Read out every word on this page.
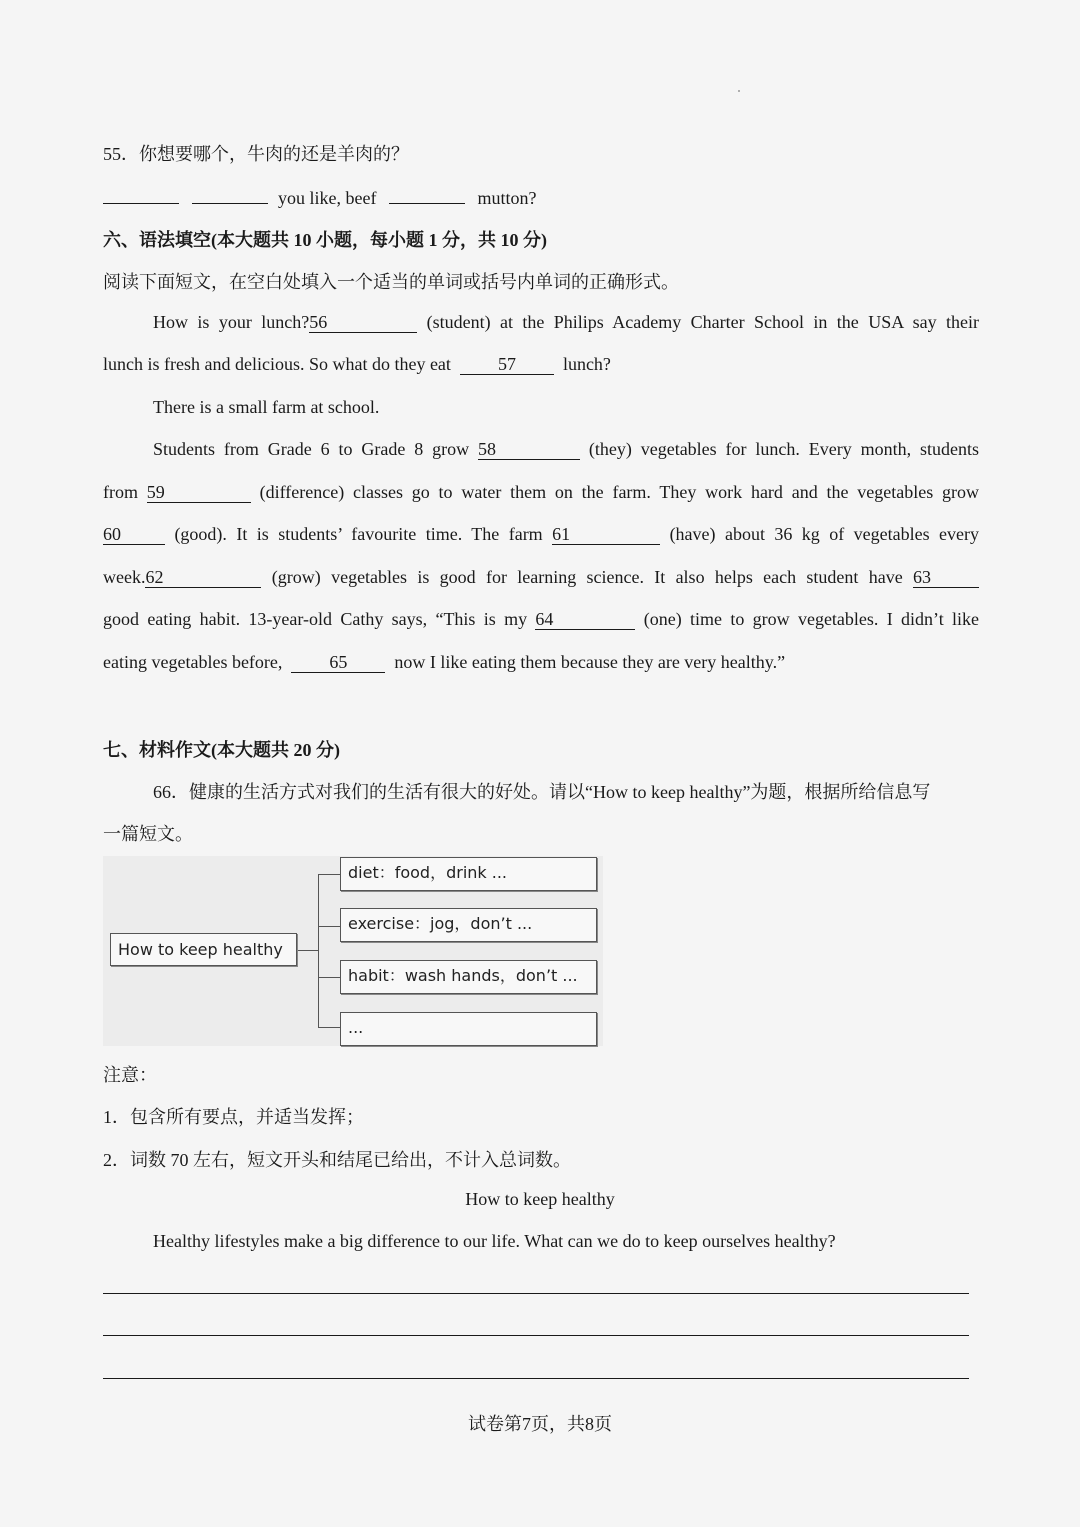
55．你想要哪个，牛肉的还是羊肉的？
you like, beef	mutton?
六、语法填空(本大题共 10 小题，每小题 1 分，共 10 分)
阅读下面短文，在空白处填入一个适当的单词或括号内单词的正确形式。
How is your lunch?56	(student) at the Philips Academy Charter School in the USA say their
lunch is fresh and delicious. So what do they eat	57	lunch?
There is a small farm at school.
Students from Grade 6 to Grade 8 grow 58	(they) vegetables for lunch. Every month, students
from 59	(difference) classes go to water them on the farm. They work hard and the vegetables grow
60	(good). It is students’ favourite time. The farm 61	(have) about 36 kg of vegetables every
week.62	(grow) vegetables is good for learning science. It also helps each student have 63
good eating habit. 13-year-old Cathy says, “This is my 64	(one) time to grow vegetables. I didn’t like
eating vegetables before,	65	now I like eating them because they are very healthy.”
七、材料作文(本大题共 20 分)
66．健康的生活方式对我们的生活有很大的好处。请以“How to keep healthy”为题，根据所给信息写
一篇短文。
How to keep healthy
diet：food，drink ...
exercise：jog，don’t ...
habit：wash hands，don’t ...
...
注意：
1．包含所有要点，并适当发挥；
2．词数 70 左右，短文开头和结尾已给出，不计入总词数。
How to keep healthy
Healthy lifestyles make a big difference to our life. What can we do to keep ourselves healthy?
试卷第7页，共8页
